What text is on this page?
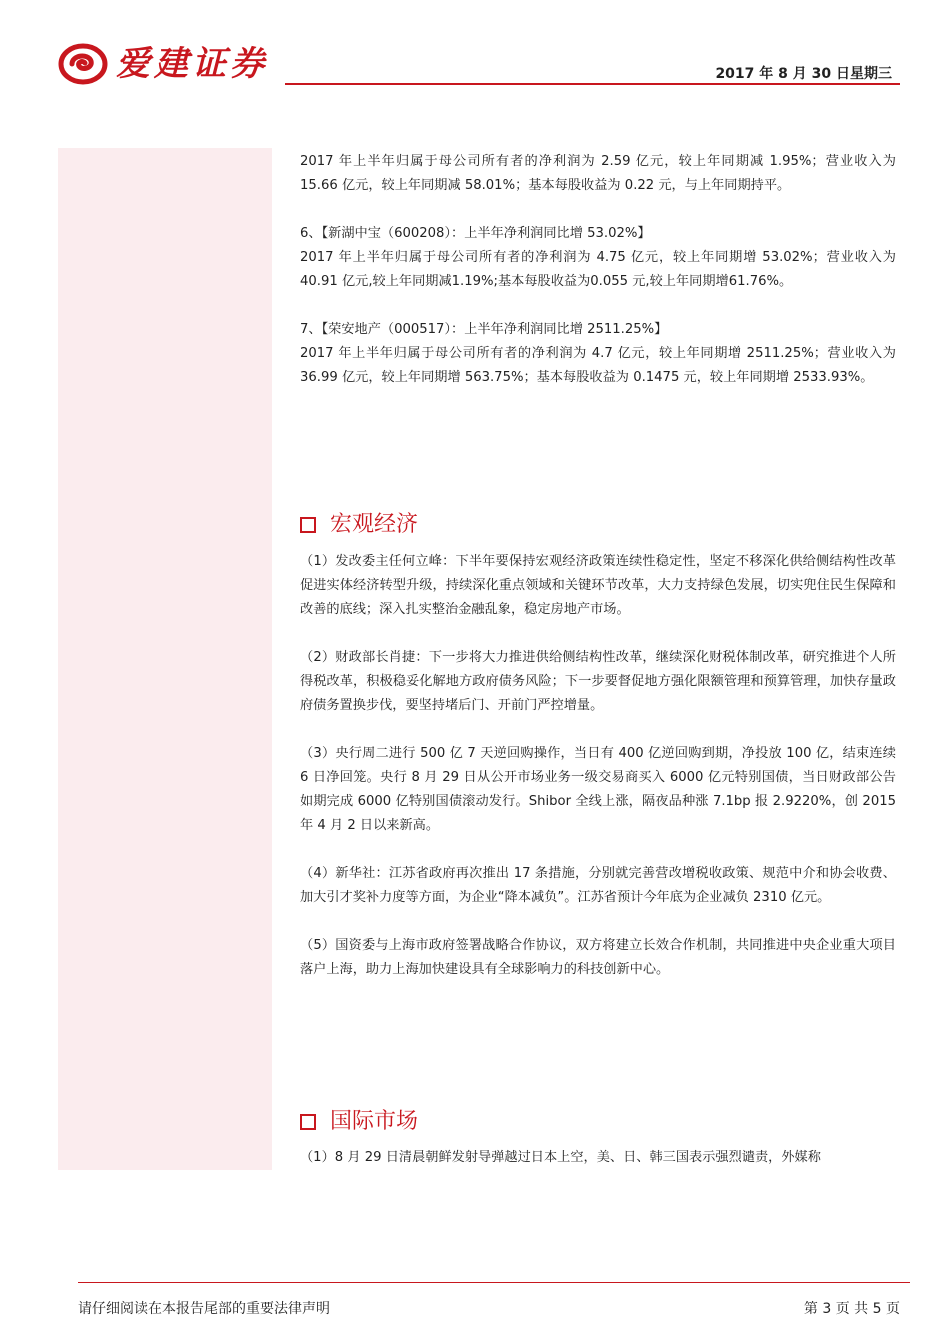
爱建证券	2017 年 8 月 30 日星期三

2017 年上半年归属于母公司所有者的净利润为 2.59 亿元，较上年同期减 1.95%；营业收入为 15.66 亿元，较上年同期减 58.01%；基本每股收益为 0.22 元，与上年同期持平。

6、【新湖中宝（600208）：上半年净利润同比增 53.02%】

2017 年上半年归属于母公司所有者的净利润为 4.75 亿元，较上年同期增 53.02%；营业收入为40.91 亿元,较上年同期减1.19%;基本每股收益为0.055 元,较上年同期增61.76%。

7、【荣安地产（000517）：上半年净利润同比增 2511.25%】

2017 年上半年归属于母公司所有者的净利润为 4.7 亿元，较上年同期增 2511.25%；营业收入为 36.99 亿元，较上年同期增 563.75%；基本每股收益为 0.1475 元，较上年同期增 2533.93%。

宏观经济

（1）发改委主任何立峰：下半年要保持宏观经济政策连续性稳定性，坚定不移深化供给侧结构性改革促进实体经济转型升级，持续深化重点领域和关键环节改革，大力支持绿色发展，切实兜住民生保障和改善的底线；深入扎实整治金融乱象，稳定房地产市场。

（2）财政部长肖捷：下一步将大力推进供给侧结构性改革，继续深化财税体制改革，研究推进个人所得税改革，积极稳妥化解地方政府债务风险；下一步要督促地方强化限额管理和预算管理，加快存量政府债务置换步伐，要坚持堵后门、开前门严控增量。

（3）央行周二进行 500 亿 7 天逆回购操作，当日有 400 亿逆回购到期，净投放 100 亿，结束连续 6 日净回笼。央行 8 月 29 日从公开市场业务一级交易商买入 6000 亿元特别国债，当日财政部公告如期完成 6000 亿特别国债滚动发行。Shibor 全线上涨，隔夜品种涨 7.1bp 报 2.9220%，创 2015 年 4 月 2 日以来新高。

（4）新华社：江苏省政府再次推出 17 条措施，分别就完善营改增税收政策、规范中介和协会收费、加大引才奖补力度等方面，为企业“降本减负”。江苏省预计今年底为企业减负 2310 亿元。

（5）国资委与上海市政府签署战略合作协议，双方将建立长效合作机制，共同推进中央企业重大项目落户上海，助力上海加快建设具有全球影响力的科技创新中心。

国际市场

（1）8 月 29 日清晨朝鲜发射导弹越过日本上空，美、日、韩三国表示强烈谴责，外媒称

请仔细阅读在本报告尾部的重要法律声明	第 3 页 共 5 页
